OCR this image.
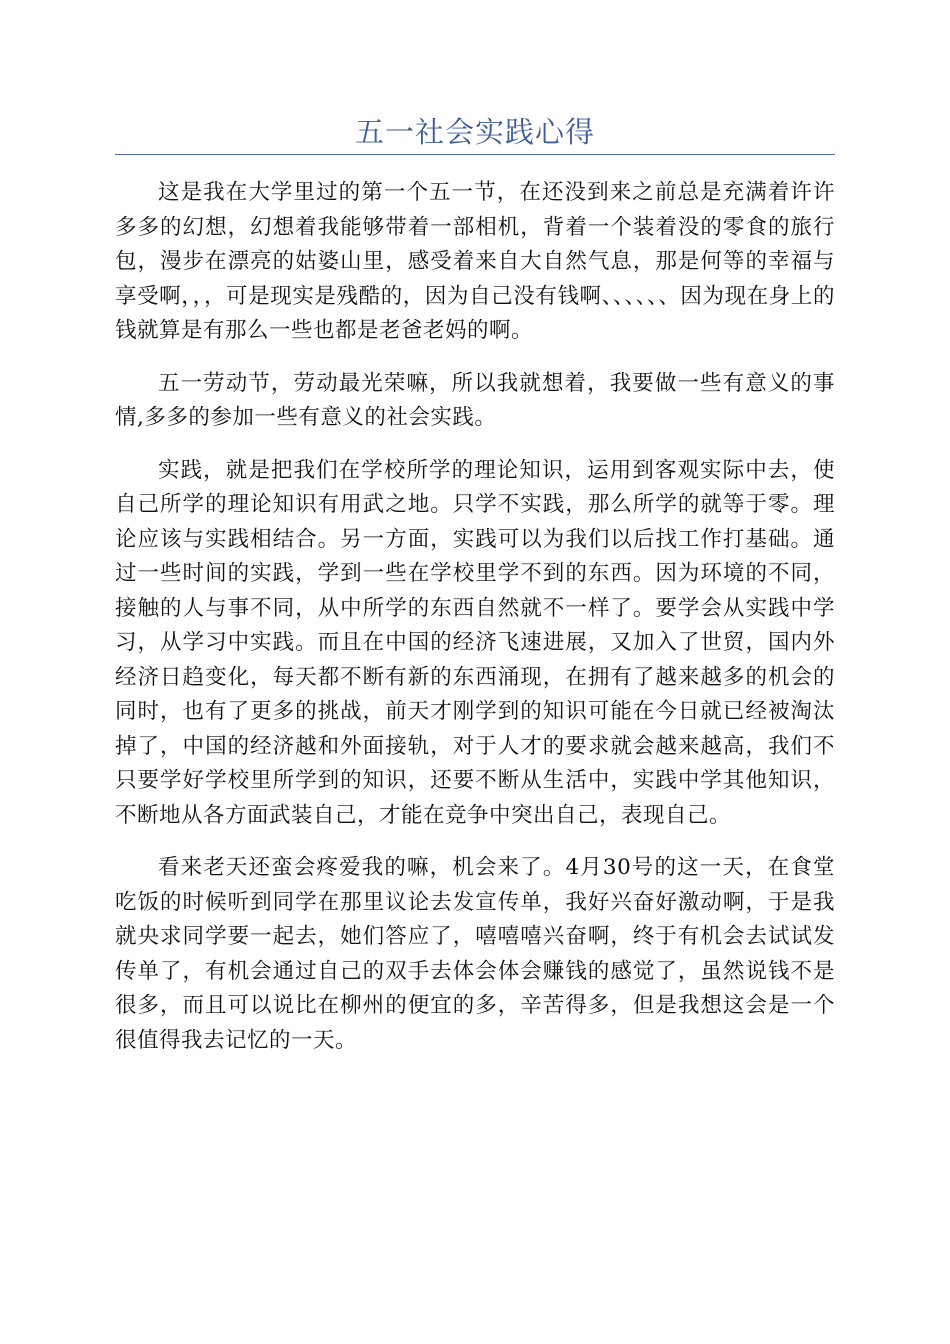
五一社会实践心得

这是我在大学里过的第一个五一节，在还没到来之前总是充满着许许多多的幻想，幻想着我能够带着一部相机，背着一个装着没的零食的旅行包，漫步在漂亮的姑婆山里，感受着来自大自然气息，那是何等的幸福与享受啊，，，可是现实是残酷的，因为自己没有钱啊、、、、、、因为现在身上的钱就算是有那么一些也都是老爸老妈的啊。

五一劳动节，劳动最光荣嘛，所以我就想着，我要做一些有意义的事情,多多的参加一些有意义的社会实践。

实践，就是把我们在学校所学的理论知识，运用到客观实际中去，使自己所学的理论知识有用武之地。只学不实践，那么所学的就等于零。理论应该与实践相结合。另一方面，实践可以为我们以后找工作打基础。通过一些时间的实践，学到一些在学校里学不到的东西。因为环境的不同，接触的人与事不同，从中所学的东西自然就不一样了。要学会从实践中学习，从学习中实践。而且在中国的经济飞速进展，又加入了世贸，国内外经济日趋变化，每天都不断有新的东西涌现，在拥有了越来越多的机会的同时，也有了更多的挑战，前天才刚学到的知识可能在今日就已经被淘汰掉了，中国的经济越和外面接轨，对于人才的要求就会越来越高，我们不只要学好学校里所学到的知识，还要不断从生活中，实践中学其他知识，不断地从各方面武装自己，才能在竞争中突出自己，表现自己。

看来老天还蛮会疼爱我的嘛，机会来了。4月30号的这一天，在食堂吃饭的时候听到同学在那里议论去发宣传单，我好兴奋好激动啊，于是我就央求同学要一起去，她们答应了，嘻嘻嘻兴奋啊，终于有机会去试试发传单了，有机会通过自己的双手去体会体会赚钱的感觉了，虽然说钱不是很多，而且可以说比在柳州的便宜的多，辛苦得多，但是我想这会是一个很值得我去记忆的一天。
